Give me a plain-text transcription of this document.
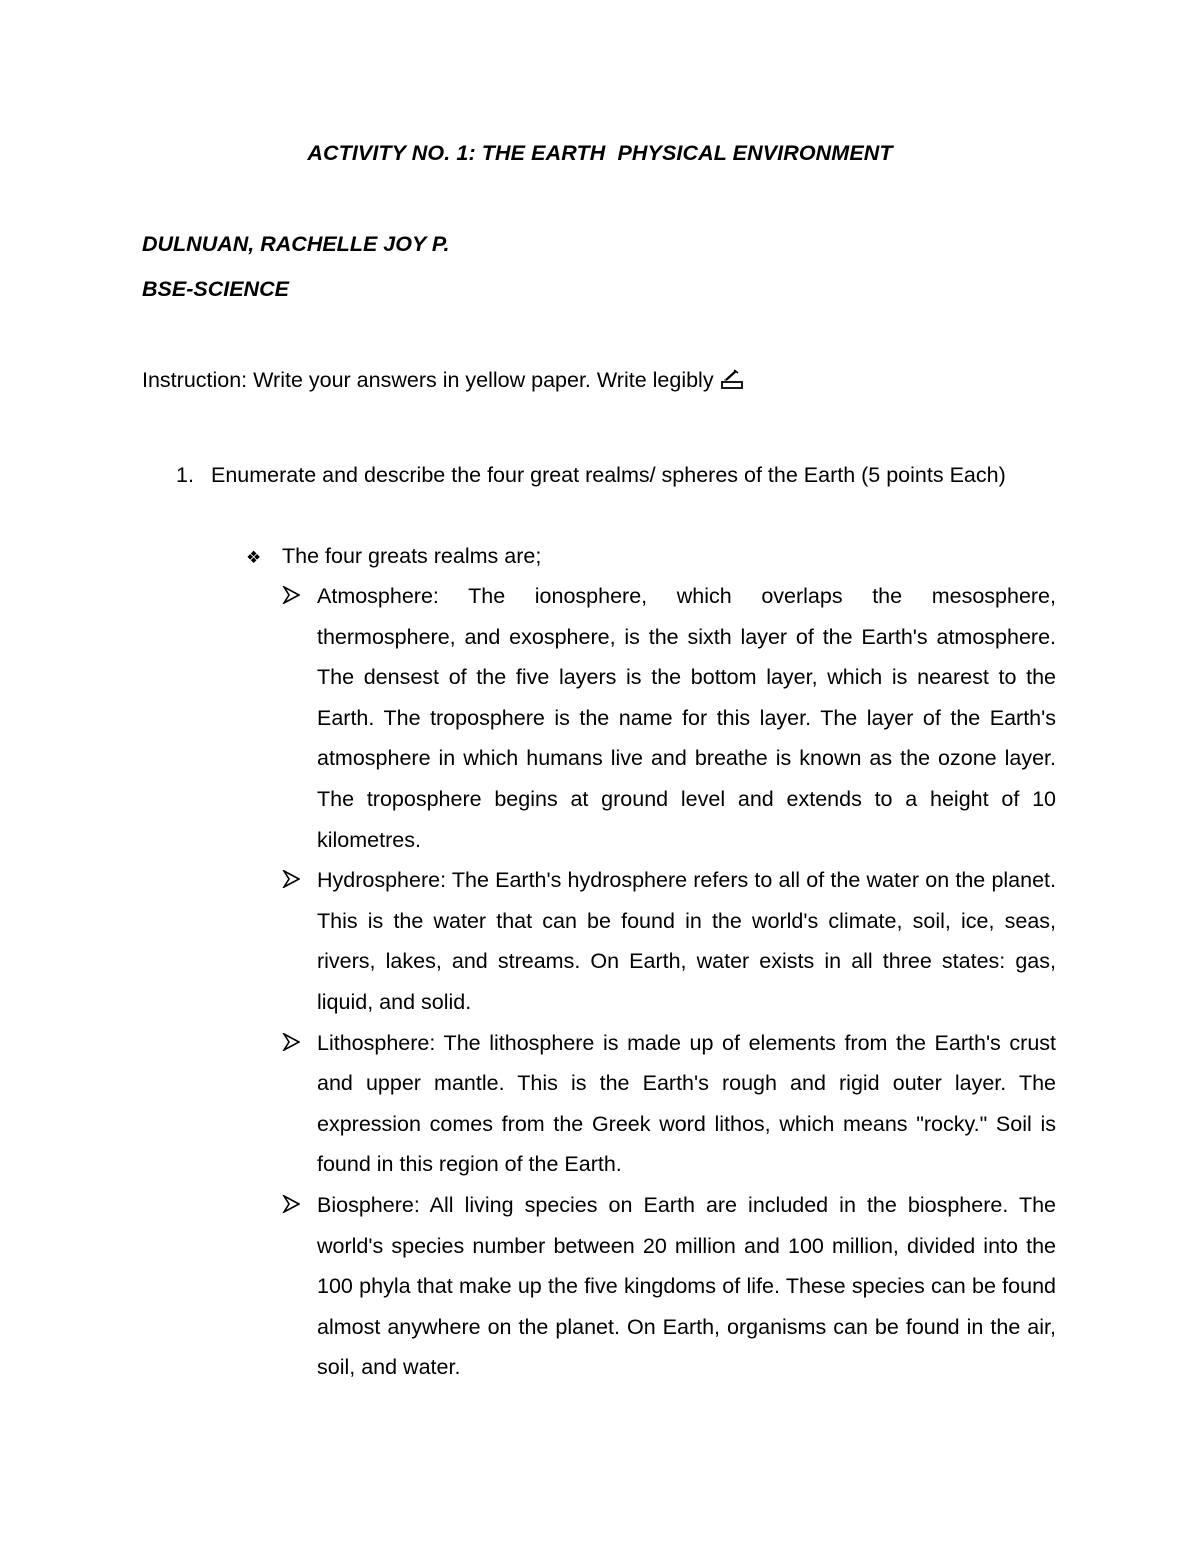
ACTIVITY NO. 1: THE EARTH  PHYSICAL ENVIRONMENT
DULNUAN, RACHELLE JOY P.
BSE-SCIENCE
Instruction: Write your answers in yellow paper. Write legibly
1. Enumerate and describe the four great realms/ spheres of the Earth (5 points Each)
❖ The four greats realms are;

Atmosphere: The ionosphere, which overlaps the mesosphere, thermosphere, and exosphere, is the sixth layer of the Earth's atmosphere. The densest of the five layers is the bottom layer, which is nearest to the Earth. The troposphere is the name for this layer. The layer of the Earth's atmosphere in which humans live and breathe is known as the ozone layer. The troposphere begins at ground level and extends to a height of 10 kilometres.

Hydrosphere: The Earth's hydrosphere refers to all of the water on the planet. This is the water that can be found in the world's climate, soil, ice, seas, rivers, lakes, and streams. On Earth, water exists in all three states: gas, liquid, and solid.

Lithosphere: The lithosphere is made up of elements from the Earth's crust and upper mantle. This is the Earth's rough and rigid outer layer. The expression comes from the Greek word lithos, which means "rocky." Soil is found in this region of the Earth.

Biosphere: All living species on Earth are included in the biosphere. The world's species number between 20 million and 100 million, divided into the 100 phyla that make up the five kingdoms of life. These species can be found almost anywhere on the planet. On Earth, organisms can be found in the air, soil, and water.
